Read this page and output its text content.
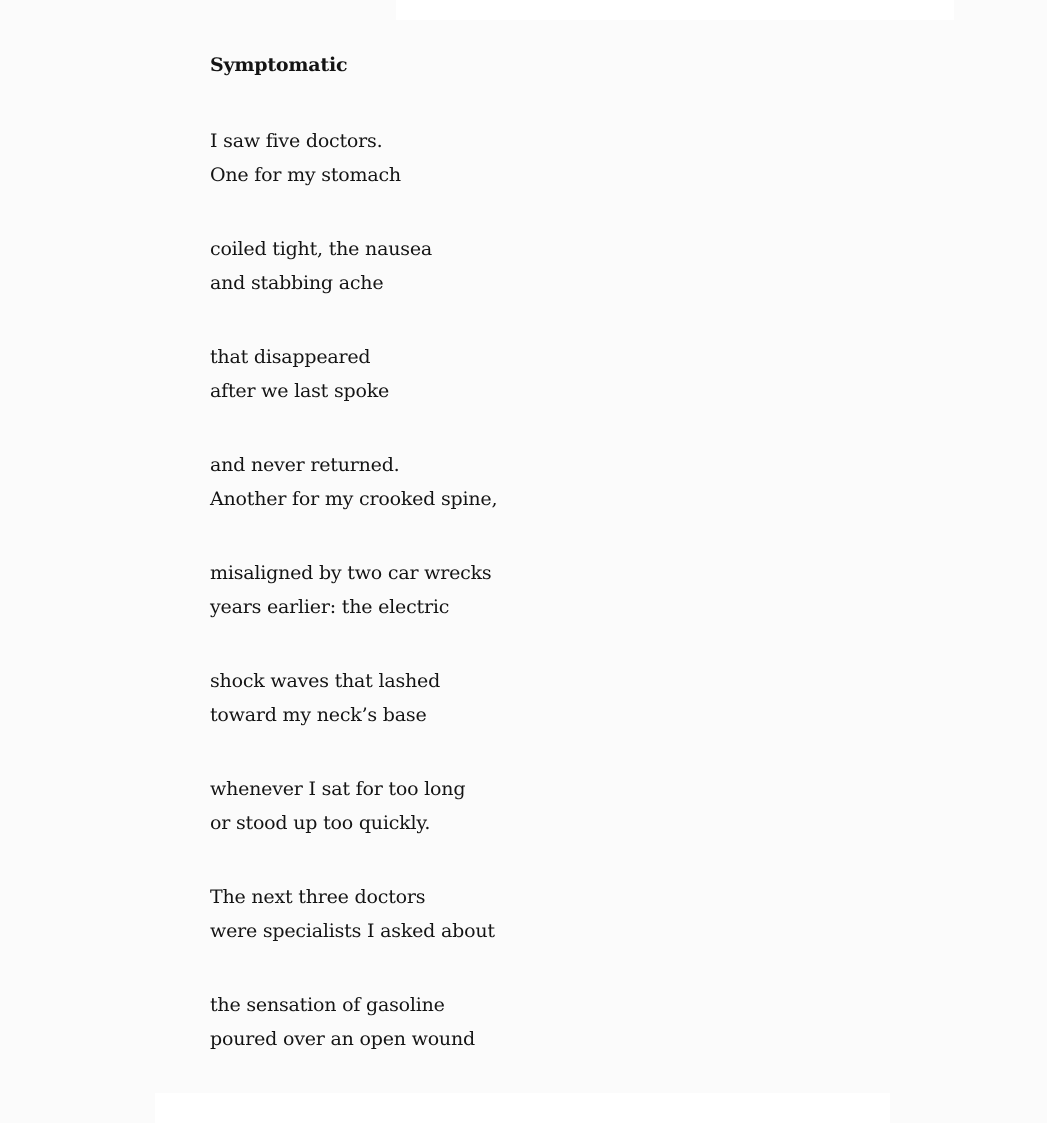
Symptomatic
I saw five doctors.
One for my stomach
coiled tight, the nausea
and stabbing ache
that disappeared
after we last spoke
and never returned.
Another for my crooked spine,
misaligned by two car wrecks
years earlier: the electric
shock waves that lashed
toward my neck’s base
whenever I sat for too long
or stood up too quickly.
The next three doctors
were specialists I asked about
the sensation of gasoline
poured over an open wound
